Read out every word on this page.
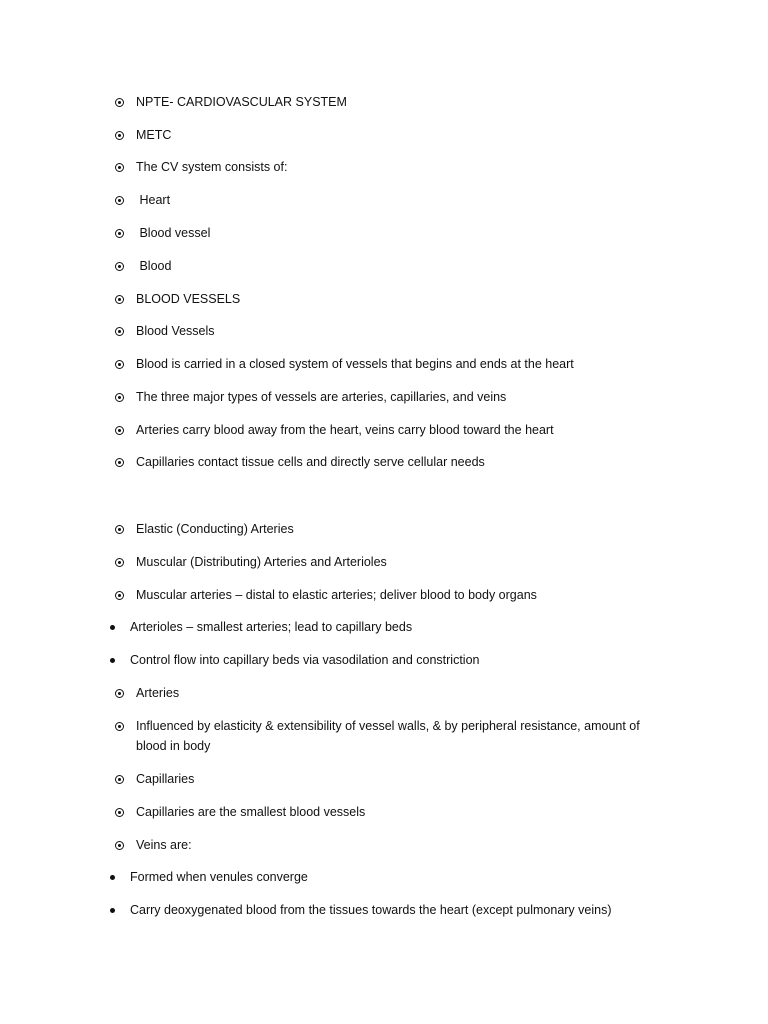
NPTE- CARDIOVASCULAR SYSTEM
METC
The CV system consists of:
Heart
Blood vessel
Blood
BLOOD VESSELS
Blood Vessels
Blood is carried in a closed system of vessels that begins and ends at the heart
The three major types of vessels are arteries, capillaries, and veins
Arteries carry blood away from the heart, veins carry blood toward the heart
Capillaries contact tissue cells and directly serve cellular needs
Elastic (Conducting) Arteries
Muscular (Distributing) Arteries and Arterioles
Muscular arteries – distal to elastic arteries; deliver blood to body organs
Arterioles – smallest arteries; lead to capillary beds
Control flow into capillary beds via vasodilation and constriction
Arteries
Influenced by elasticity & extensibility of vessel walls, & by peripheral resistance, amount of blood in body
Capillaries
Capillaries are the smallest blood vessels
Veins are:
Formed when venules converge
Carry deoxygenated blood from the tissues towards the heart (except pulmonary veins)
